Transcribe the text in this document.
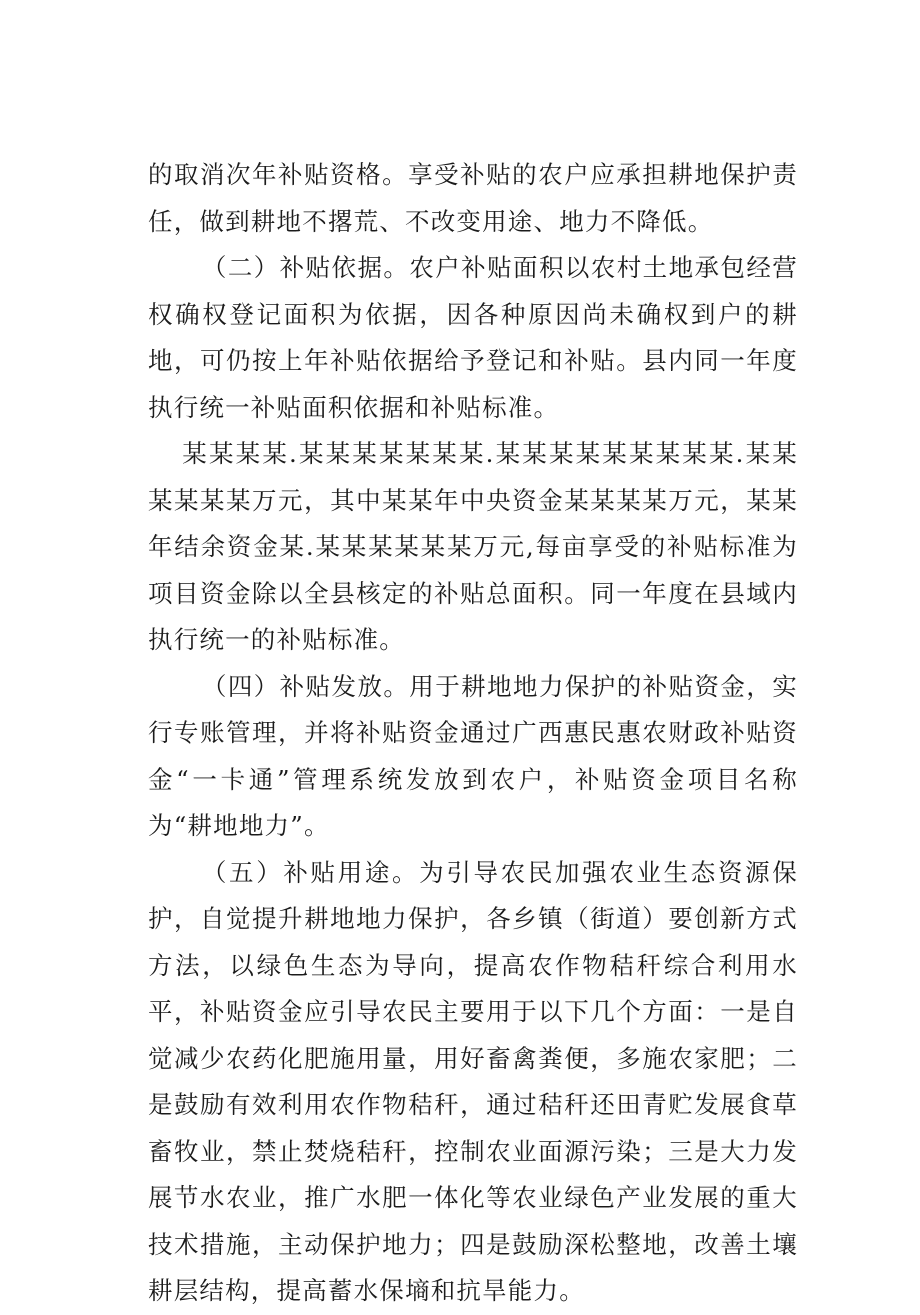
的取消次年补贴资格。享受补贴的农户应承担耕地保护责任，做到耕地不撂荒、不改变用途、地力不降低。

（二）补贴依据。农户补贴面积以农村土地承包经营权确权登记面积为依据，因各种原因尚未确权到户的耕地，可仍按上年补贴依据给予登记和补贴。县内同一年度执行统一补贴面积依据和补贴标准。

某某某某.某某某某某某某.某某某某某某某某某.某某某某某某万元，其中某某年中央资金某某某某万元，某某年结余资金某.某某某某某某万元,每亩享受的补贴标准为项目资金除以全县核定的补贴总面积。同一年度在县域内执行统一的补贴标准。

（四）补贴发放。用于耕地地力保护的补贴资金，实行专账管理，并将补贴资金通过广西惠民惠农财政补贴资金“一卡通”管理系统发放到农户，补贴资金项目名称为“耕地地力”。

（五）补贴用途。为引导农民加强农业生态资源保护，自觉提升耕地地力保护，各乡镇（街道）要创新方式方法，以绿色生态为导向，提高农作物秸秆综合利用水平，补贴资金应引导农民主要用于以下几个方面：一是自觉减少农药化肥施用量，用好畜禽粪便，多施农家肥；二是鼓励有效利用农作物秸秆，通过秸秆还田青贮发展食草畜牧业，禁止焚烧秸秆，控制农业面源污染；三是大力发展节水农业，推广水肥一体化等农业绿色产业发展的重大技术措施，主动保护地力；四是鼓励深松整地，改善土壤耕层结构，提高蓄水保墒和抗旱能力。
